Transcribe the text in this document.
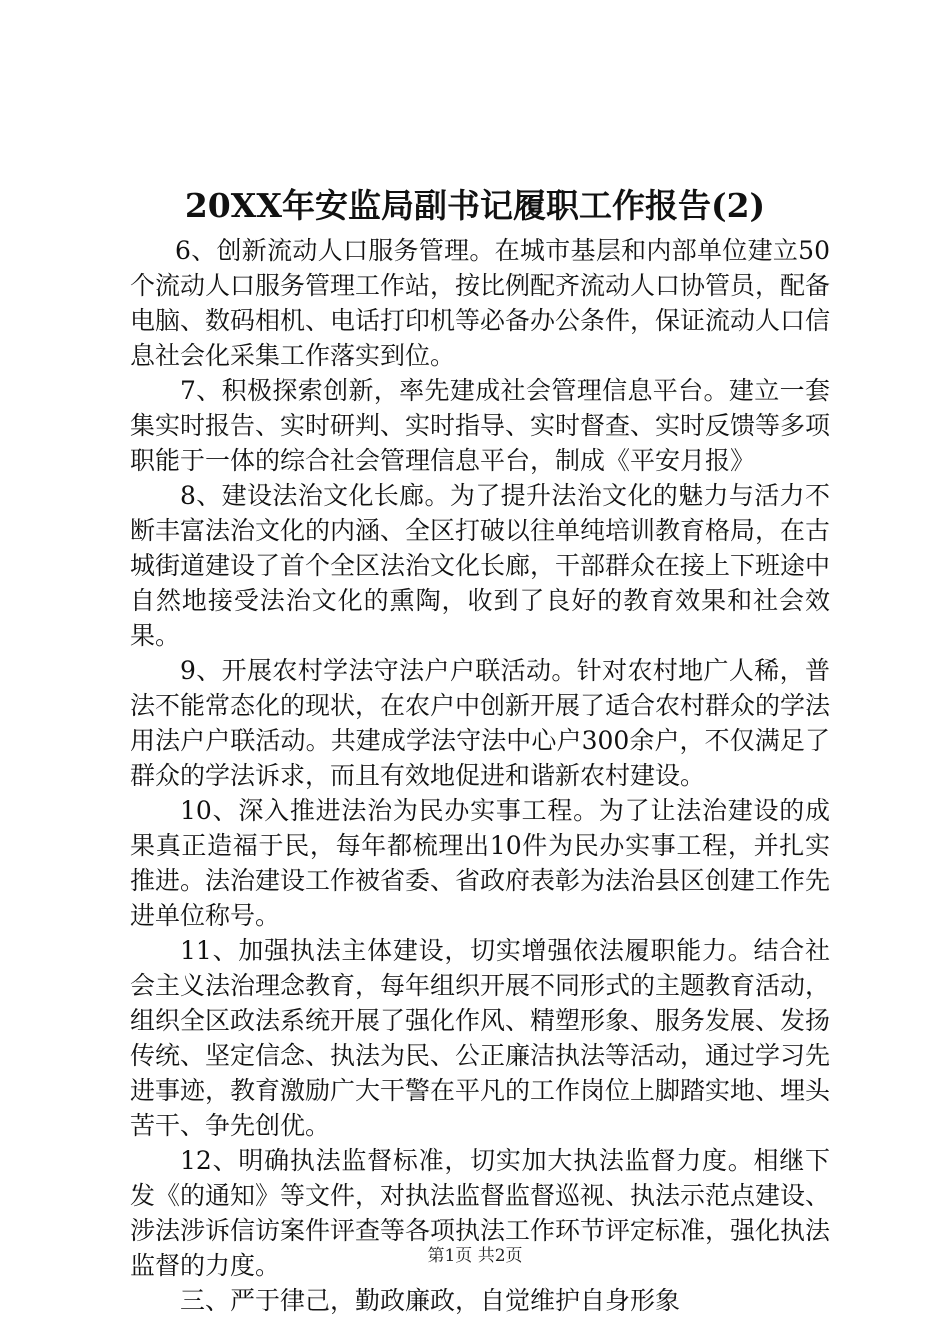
20XX年安监局副书记履职工作报告(2)

6、创新流动人口服务管理。在城市基层和内部单位建立50个流动人口服务管理工作站，按比例配齐流动人口协管员，配备电脑、数码相机、电话打印机等必备办公条件，保证流动人口信息社会化采集工作落实到位。

7、积极探索创新，率先建成社会管理信息平台。建立一套集实时报告、实时研判、实时指导、实时督查、实时反馈等多项职能于一体的综合社会管理信息平台，制成《平安月报》

8、建设法治文化长廊。为了提升法治文化的魅力与活力不断丰富法治文化的内涵、全区打破以往单纯培训教育格局，在古城街道建设了首个全区法治文化长廊，干部群众在接上下班途中自然地接受法治文化的熏陶，收到了良好的教育效果和社会效果。

9、开展农村学法守法户户联活动。针对农村地广人稀，普法不能常态化的现状，在农户中创新开展了适合农村群众的学法用法户户联活动。共建成学法守法中心户300余户，不仅满足了群众的学法诉求，而且有效地促进和谐新农村建设。

10、深入推进法治为民办实事工程。为了让法治建设的成果真正造福于民，每年都梳理出10件为民办实事工程，并扎实推进。法治建设工作被省委、省政府表彰为法治县区创建工作先进单位称号。

11、加强执法主体建设，切实增强依法履职能力。结合社会主义法治理念教育，每年组织开展不同形式的主题教育活动，组织全区政法系统开展了强化作风、精塑形象、服务发展、发扬传统、坚定信念、执法为民、公正廉洁执法等活动，通过学习先进事迹，教育激励广大干警在平凡的工作岗位上脚踏实地、埋头苦干、争先创优。

12、明确执法监督标准，切实加大执法监督力度。相继下发《的通知》等文件，对执法监督监督巡视、执法示范点建设、涉法涉诉信访案件评查等各项执法工作环节评定标准，强化执法监督的力度。

三、严于律己，勤政廉政，自觉维护自身形象

第1页 共2页
